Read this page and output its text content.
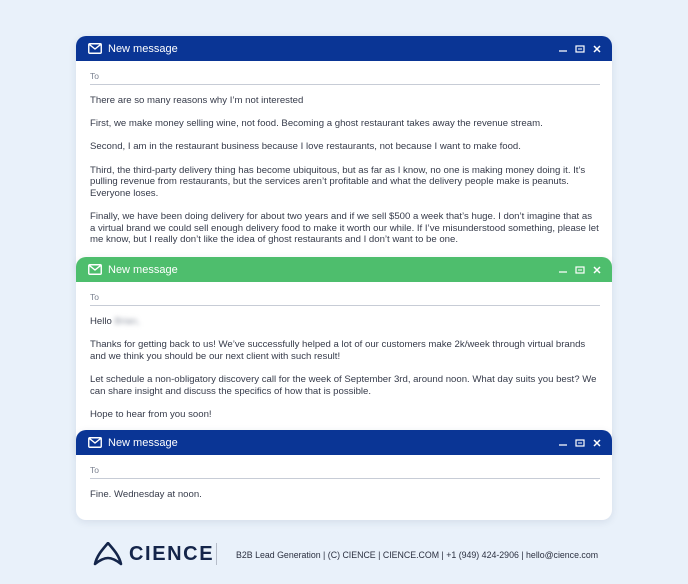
New message
To

There are so many reasons why I’m not interested

First, we make money selling wine, not food. Becoming a ghost restaurant takes away the revenue stream.

Second, I am in the restaurant business because I love restaurants, not because I want to make food.

Third, the third-party delivery thing has become ubiquitous, but as far as I know, no one is making money doing it. It’s pulling revenue from restaurants, but the services aren’t profitable and what the delivery people make is peanuts. Everyone loses.

Finally, we have been doing delivery for about two years and if we sell $500 a week that’s huge. I don’t imagine that as a virtual brand we could sell enough delivery food to make it worth our while. If I’ve misunderstood something, please let me know, but I really don’t like the idea of ghost restaurants and I don’t want to be one.

New message
To

Hello Brian,

Thanks for getting back to us! We’ve successfully helped a lot of our customers make 2k/week through virtual brands and we think you should be our next client with such result!

Let schedule a non-obligatory discovery call for the week of September 3rd, around noon. What day suits you best? We can share insight and discuss the specifics of how that is possible.

Hope to hear from you soon!

New message
To

Fine. Wednesday at noon.

CIENCE B2B Lead Generation | (C) CIENCE | CIENCE.COM | +1 (949) 424-2906 | hello@cience.com
